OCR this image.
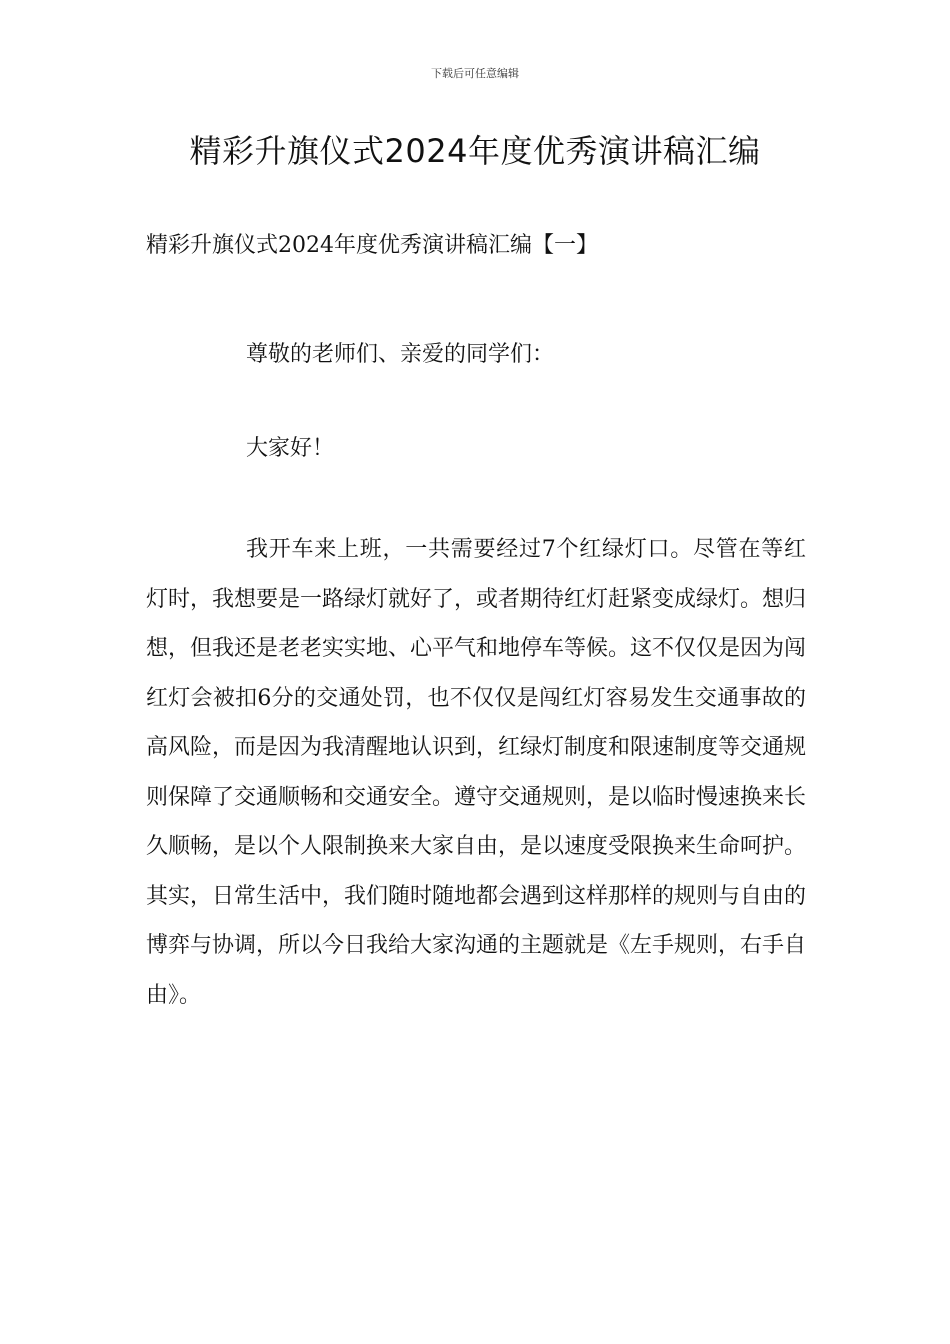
下载后可任意编辑
精彩升旗仪式2024年度优秀演讲稿汇编
精彩升旗仪式2024年度优秀演讲稿汇编【一】

尊敬的老师们、亲爱的同学们：

大家好！

我开车来上班，一共需要经过7个红绿灯口。尽管在等红灯时，我想要是一路绿灯就好了，或者期待红灯赶紧变成绿灯。想归想，但我还是老老实实地、心平气和地停车等候。这不仅仅是因为闯红灯会被扣6分的交通处罚，也不仅仅是闯红灯容易发生交通事故的高风险，而是因为我清醒地认识到，红绿灯制度和限速制度等交通规则保障了交通顺畅和交通安全。遵守交通规则，是以临时慢速换来长久顺畅，是以个人限制换来大家自由，是以速度受限换来生命呵护。其实，日常生活中，我们随时随地都会遇到这样那样的规则与自由的博弈与协调，所以今日我给大家沟通的主题就是《左手规则，右手自由》。
